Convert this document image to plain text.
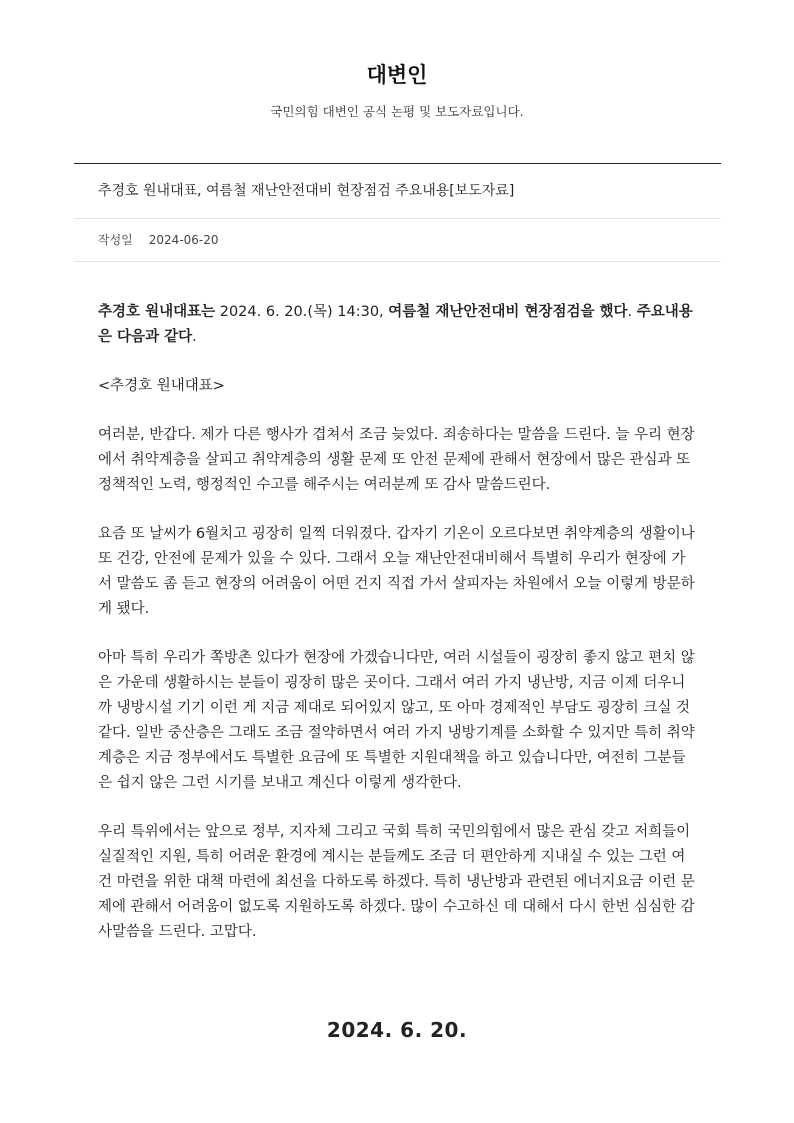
대변인
국민의힘 대변인 공식 논평 및 보도자료입니다.
추경호 원내대표, 여름철 재난안전대비 현장점검 주요내용[보도자료]
작성일 2024-06-20

추경호 원내대표는 2024. 6. 20.(목) 14:30, 여름철 재난안전대비 현장점검을 했다. 주요내용은 다음과 같다.

<추경호 원내대표>

여러분, 반갑다. 제가 다른 행사가 겹쳐서 조금 늦었다. 죄송하다는 말씀을 드린다. 늘 우리 현장에서 취약계층을 살피고 취약계층의 생활 문제 또 안전 문제에 관해서 현장에서 많은 관심과 또 정책적인 노력, 행정적인 수고를 해주시는 여러분께 또 감사 말씀드린다.

요즘 또 날씨가 6월치고 굉장히 일찍 더워졌다. 갑자기 기온이 오르다보면 취약계층의 생활이나 또 건강, 안전에 문제가 있을 수 있다. 그래서 오늘 재난안전대비해서 특별히 우리가 현장에 가서 말씀도 좀 듣고 현장의 어려움이 어떤 건지 직접 가서 살피자는 차원에서 오늘 이렇게 방문하게 됐다.

아마 특히 우리가 쪽방촌 있다가 현장에 가겠습니다만, 여러 시설들이 굉장히 좋지 않고 편치 않은 가운데 생활하시는 분들이 굉장히 많은 곳이다. 그래서 여러 가지 냉난방, 지금 이제 더우니까 냉방시설 기기 이런 게 지금 제대로 되어있지 않고, 또 아마 경제적인 부담도 굉장히 크실 것 같다. 일반 중산층은 그래도 조금 절약하면서 여러 가지 냉방기계를 소화할 수 있지만 특히 취약계층은 지금 정부에서도 특별한 요금에 또 특별한 지원대책을 하고 있습니다만, 여전히 그분들은 쉽지 않은 그런 시기를 보내고 계신다 이렇게 생각한다.

우리 특위에서는 앞으로 정부, 지자체 그리고 국회 특히 국민의힘에서 많은 관심 갖고 저희들이 실질적인 지원, 특히 어려운 환경에 계시는 분들께도 조금 더 편안하게 지내실 수 있는 그런 여건 마련을 위한 대책 마련에 최선을 다하도록 하겠다. 특히 냉난방과 관련된 에너지요금 이런 문제에 관해서 어려움이 없도록 지원하도록 하겠다. 많이 수고하신 데 대해서 다시 한번 심심한 감사말씀을 드린다. 고맙다.

2024. 6. 20.
